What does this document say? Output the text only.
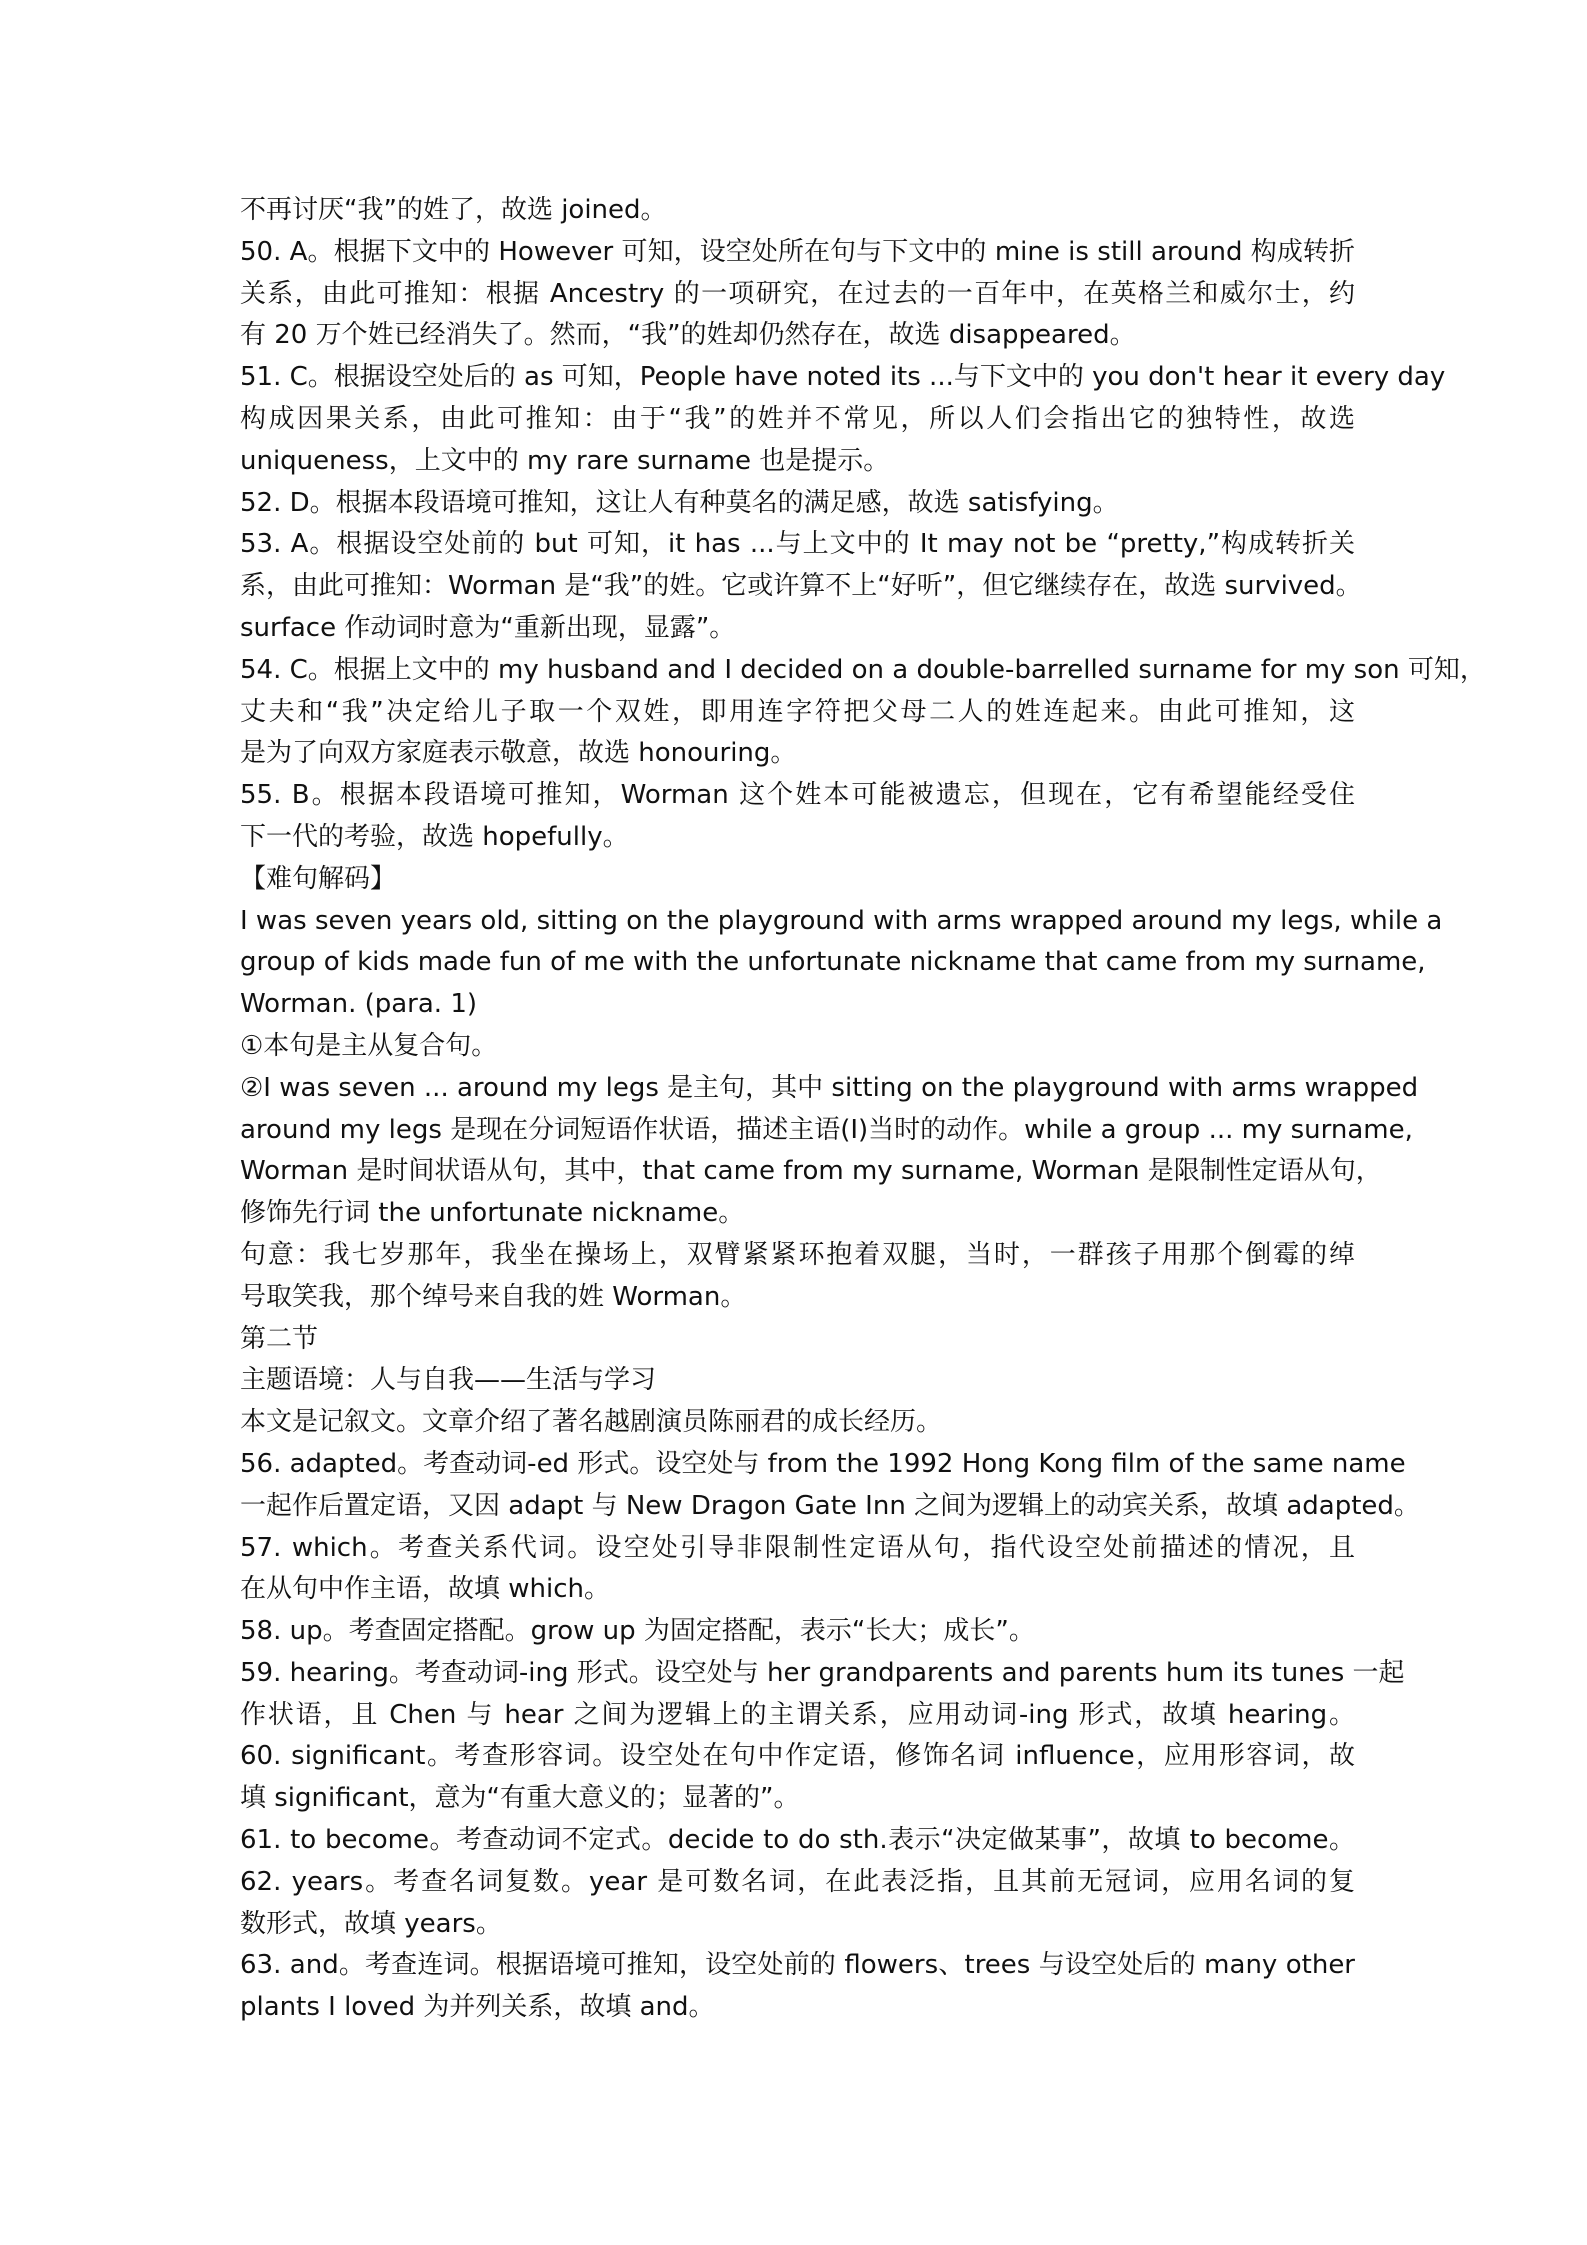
不再讨厌“我”的姓了，故选 joined。
50. A。根据下文中的 However 可知，设空处所在句与下文中的 mine is still around 构成转折
关系，由此可推知：根据 Ancestry 的一项研究，在过去的一百年中，在英格兰和威尔士，约
有 20 万个姓已经消失了。然而，“我”的姓却仍然存在，故选 disappeared。
51. C。根据设空处后的 as 可知，People have noted its ...与下文中的 you don't hear it every day
构成因果关系，由此可推知：由于“我”的姓并不常见，所以人们会指出它的独特性，故选
uniqueness，上文中的 my rare surname 也是提示。
52. D。根据本段语境可推知，这让人有种莫名的满足感，故选 satisfying。
53. A。根据设空处前的 but 可知，it has ...与上文中的 It may not be “pretty,”构成转折关
系，由此可推知：Worman 是“我”的姓。它或许算不上“好听”，但它继续存在，故选 survived。
surface 作动词时意为“重新出现，显露”。
54. C。根据上文中的 my husband and I decided on a double-barrelled surname for my son 可知，
丈夫和“我”决定给儿子取一个双姓，即用连字符把父母二人的姓连起来。由此可推知，这
是为了向双方家庭表示敬意，故选 honouring。
55. B。根据本段语境可推知，Worman 这个姓本可能被遗忘，但现在，它有希望能经受住
下一代的考验，故选 hopefully。
【难句解码】
I was seven years old, sitting on the playground with arms wrapped around my legs, while a
group of kids made fun of me with the unfortunate nickname that came from my surname,
Worman. (para. 1)
①本句是主从复合句。
②I was seven ... around my legs 是主句，其中 sitting on the playground with arms wrapped
around my legs 是现在分词短语作状语，描述主语(I)当时的动作。while a group ... my surname,
Worman 是时间状语从句，其中，that came from my surname, Worman 是限制性定语从句，
修饰先行词 the unfortunate nickname。
句意：我七岁那年，我坐在操场上，双臂紧紧环抱着双腿，当时，一群孩子用那个倒霉的绰
号取笑我，那个绰号来自我的姓 Worman。
第二节
主题语境：人与自我——生活与学习
本文是记叙文。文章介绍了著名越剧演员陈丽君的成长经历。
56. adapted。考查动词-ed 形式。设空处与 from the 1992 Hong Kong film of the same name
一起作后置定语，又因 adapt 与 New Dragon Gate Inn 之间为逻辑上的动宾关系，故填 adapted。
57. which。考查关系代词。设空处引导非限制性定语从句，指代设空处前描述的情况，且
在从句中作主语，故填 which。
58. up。考查固定搭配。grow up 为固定搭配，表示“长大；成长”。
59. hearing。考查动词-ing 形式。设空处与 her grandparents and parents hum its tunes 一起
作状语，且 Chen 与 hear 之间为逻辑上的主谓关系，应用动词-ing 形式，故填 hearing。
60. significant。考查形容词。设空处在句中作定语，修饰名词 influence，应用形容词，故
填 significant，意为“有重大意义的；显著的”。
61. to become。考查动词不定式。decide to do sth.表示“决定做某事”，故填 to become。
62. years。考查名词复数。year 是可数名词，在此表泛指，且其前无冠词，应用名词的复
数形式，故填 years。
63. and。考查连词。根据语境可推知，设空处前的 flowers、trees 与设空处后的 many other
plants I loved 为并列关系，故填 and。
